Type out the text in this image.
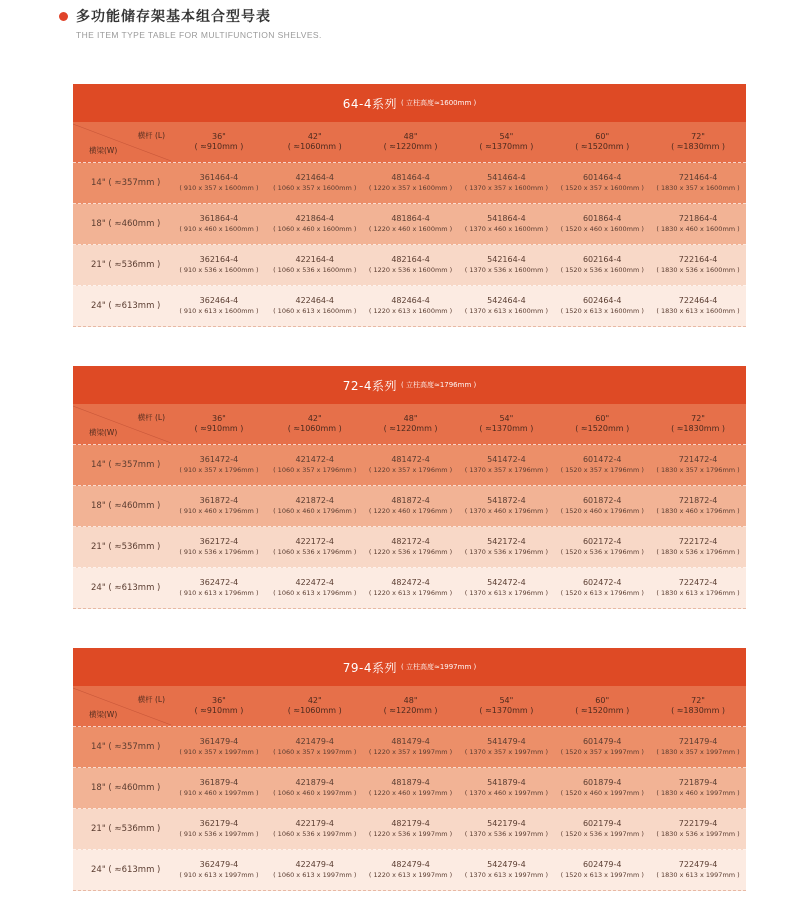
多功能储存架基本组合型号表
THE ITEM TYPE TABLE FOR MULTIFUNCTION SHELVES.
64-4系列 ( 立柱高度≈1600mm )
横杆 (L)
横梁(W)
36"
( ≈910mm )
42"
( ≈1060mm )
48"
( ≈1220mm )
54"
( ≈1370mm )
60"
( ≈1520mm )
72"
( ≈1830mm )
14" ( ≈357mm )
361464-4
( 910 x 357 x 1600mm )
421464-4
( 1060 x 357 x 1600mm )
481464-4
( 1220 x 357 x 1600mm )
541464-4
( 1370 x 357 x 1600mm )
601464-4
( 1520 x 357 x 1600mm )
721464-4
( 1830 x 357 x 1600mm )
18" ( ≈460mm )
361864-4
( 910 x 460 x 1600mm )
421864-4
( 1060 x 460 x 1600mm )
481864-4
( 1220 x 460 x 1600mm )
541864-4
( 1370 x 460 x 1600mm )
601864-4
( 1520 x 460 x 1600mm )
721864-4
( 1830 x 460 x 1600mm )
21" ( ≈536mm )
362164-4
( 910 x 536 x 1600mm )
422164-4
( 1060 x 536 x 1600mm )
482164-4
( 1220 x 536 x 1600mm )
542164-4
( 1370 x 536 x 1600mm )
602164-4
( 1520 x 536 x 1600mm )
722164-4
( 1830 x 536 x 1600mm )
24" ( ≈613mm )
362464-4
( 910 x 613 x 1600mm )
422464-4
( 1060 x 613 x 1600mm )
482464-4
( 1220 x 613 x 1600mm )
542464-4
( 1370 x 613 x 1600mm )
602464-4
( 1520 x 613 x 1600mm )
722464-4
( 1830 x 613 x 1600mm )
72-4系列 ( 立柱高度≈1796mm )
横杆 (L)
横梁(W)
36"
( ≈910mm )
42"
( ≈1060mm )
48"
( ≈1220mm )
54"
( ≈1370mm )
60"
( ≈1520mm )
72"
( ≈1830mm )
14" ( ≈357mm )
361472-4
( 910 x 357 x 1796mm )
421472-4
( 1060 x 357 x 1796mm )
481472-4
( 1220 x 357 x 1796mm )
541472-4
( 1370 x 357 x 1796mm )
601472-4
( 1520 x 357 x 1796mm )
721472-4
( 1830 x 357 x 1796mm )
18" ( ≈460mm )
361872-4
( 910 x 460 x 1796mm )
421872-4
( 1060 x 460 x 1796mm )
481872-4
( 1220 x 460 x 1796mm )
541872-4
( 1370 x 460 x 1796mm )
601872-4
( 1520 x 460 x 1796mm )
721872-4
( 1830 x 460 x 1796mm )
21" ( ≈536mm )
362172-4
( 910 x 536 x 1796mm )
422172-4
( 1060 x 536 x 1796mm )
482172-4
( 1220 x 536 x 1796mm )
542172-4
( 1370 x 536 x 1796mm )
602172-4
( 1520 x 536 x 1796mm )
722172-4
( 1830 x 536 x 1796mm )
24" ( ≈613mm )
362472-4
( 910 x 613 x 1796mm )
422472-4
( 1060 x 613 x 1796mm )
482472-4
( 1220 x 613 x 1796mm )
542472-4
( 1370 x 613 x 1796mm )
602472-4
( 1520 x 613 x 1796mm )
722472-4
( 1830 x 613 x 1796mm )
79-4系列 ( 立柱高度≈1997mm )
横杆 (L)
横梁(W)
36"
( ≈910mm )
42"
( ≈1060mm )
48"
( ≈1220mm )
54"
( ≈1370mm )
60"
( ≈1520mm )
72"
( ≈1830mm )
14" ( ≈357mm )
361479-4
( 910 x 357 x 1997mm )
421479-4
( 1060 x 357 x 1997mm )
481479-4
( 1220 x 357 x 1997mm )
541479-4
( 1370 x 357 x 1997mm )
601479-4
( 1520 x 357 x 1997mm )
721479-4
( 1830 x 357 x 1997mm )
18" ( ≈460mm )
361879-4
( 910 x 460 x 1997mm )
421879-4
( 1060 x 460 x 1997mm )
481879-4
( 1220 x 460 x 1997mm )
541879-4
( 1370 x 460 x 1997mm )
601879-4
( 1520 x 460 x 1997mm )
721879-4
( 1830 x 460 x 1997mm )
21" ( ≈536mm )
362179-4
( 910 x 536 x 1997mm )
422179-4
( 1060 x 536 x 1997mm )
482179-4
( 1220 x 536 x 1997mm )
542179-4
( 1370 x 536 x 1997mm )
602179-4
( 1520 x 536 x 1997mm )
722179-4
( 1830 x 536 x 1997mm )
24" ( ≈613mm )
362479-4
( 910 x 613 x 1997mm )
422479-4
( 1060 x 613 x 1997mm )
482479-4
( 1220 x 613 x 1997mm )
542479-4
( 1370 x 613 x 1997mm )
602479-4
( 1520 x 613 x 1997mm )
722479-4
( 1830 x 613 x 1997mm )
